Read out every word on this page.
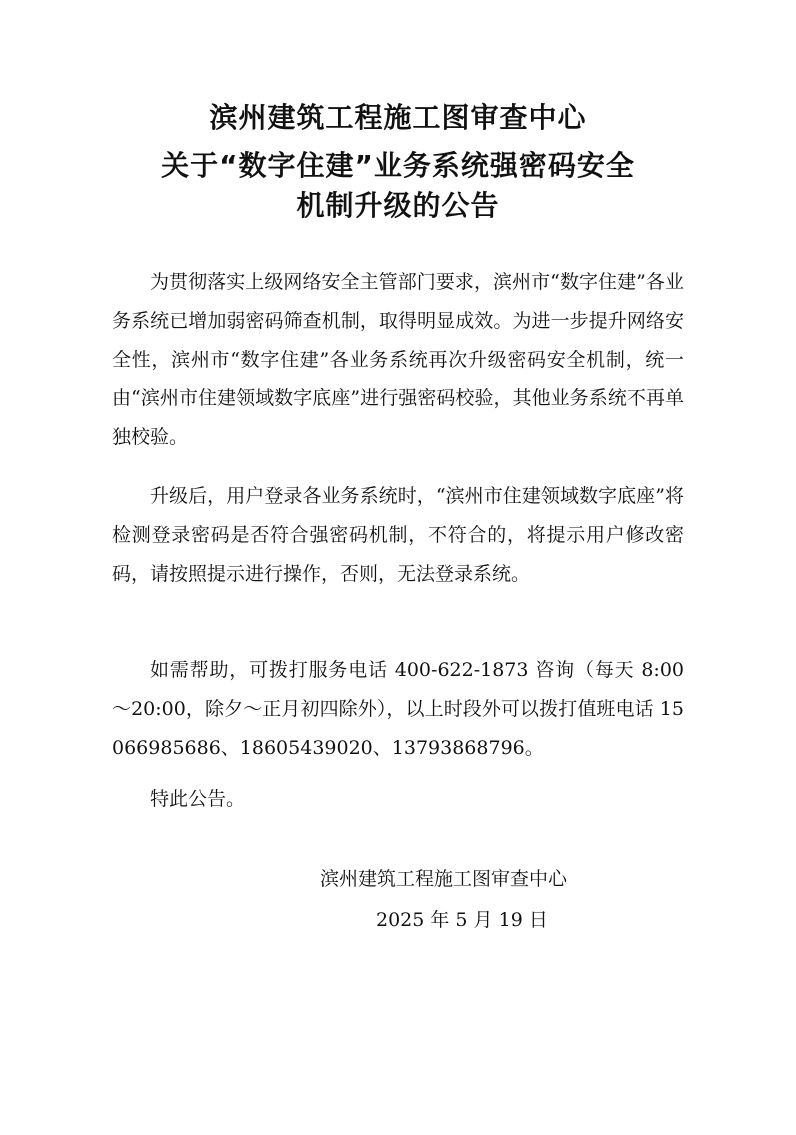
滨州建筑工程施工图审查中心
关于“数字住建”业务系统强密码安全
机制升级的公告

为贯彻落实上级网络安全主管部门要求，滨州市“数字住建”各业务系统已增加弱密码筛查机制，取得明显成效。为进一步提升网络安全性，滨州市“数字住建”各业务系统再次升级密码安全机制，统一由“滨州市住建领域数字底座”进行强密码校验，其他业务系统不再单独校验。

升级后，用户登录各业务系统时，“滨州市住建领域数字底座”将检测登录密码是否符合强密码机制，不符合的，将提示用户修改密码，请按照提示进行操作，否则，无法登录系统。

如需帮助，可拨打服务电话 400-622-1873 咨询（每天 8:00～20:00，除夕～正月初四除外），以上时段外可以拨打值班电话 15066985686、18605439020、13793868796。

特此公告。

滨州建筑工程施工图审查中心
2025 年 5 月 19 日
